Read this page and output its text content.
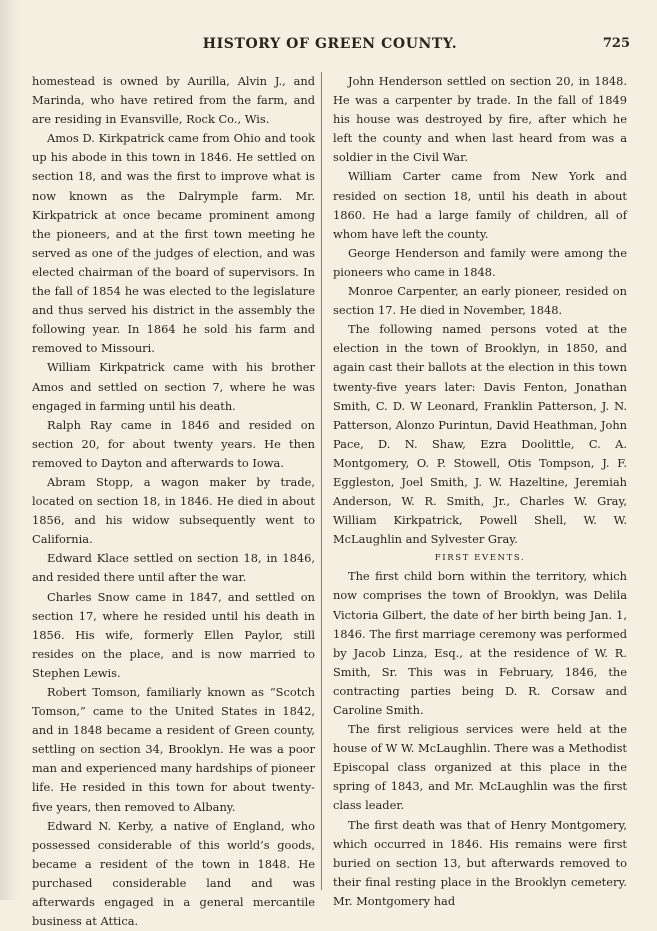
HISTORY OF GREEN COUNTY.	725

homestead is owned by Aurilla, Alvin J., and Marinda, who have retired from the farm, and are residing in Evansville, Rock Co., Wis.

Amos D. Kirkpatrick came from Ohio and took up his abode in this town in 1846. He settled on section 18, and was the first to improve what is now known as the Dalrymple farm. Mr. Kirkpatrick at once became prominent among the pioneers, and at the first town meeting he served as one of the judges of election, and was elected chairman of the board of supervisors. In the fall of 1854 he was elected to the legislature and thus served his district in the assembly the following year. In 1864 he sold his farm and removed to Missouri.

William Kirkpatrick came with his brother Amos and settled on section 7, where he was engaged in farming until his death.

Ralph Ray came in 1846 and resided on section 20, for about twenty years. He then removed to Dayton and afterwards to Iowa.

Abram Stopp, a wagon maker by trade, located on section 18, in 1846. He died in about 1856, and his widow subsequently went to California.

Edward Klace settled on section 18, in 1846, and resided there until after the war.

Charles Snow came in 1847, and settled on section 17, where he resided until his death in 1856. His wife, formerly Ellen Paylor, still resides on the place, and is now married to Stephen Lewis.

Robert Tomson, familiarly known as “Scotch Tomson,” came to the United States in 1842, and in 1848 became a resident of Green county, settling on section 34, Brooklyn. He was a poor man and experienced many hardships of pioneer life. He resided in this town for about twenty-five years, then removed to Albany.

Edward N. Kerby, a native of England, who possessed considerable of this world’s goods, became a resident of the town in 1848. He purchased considerable land and was afterwards engaged in a general mercantile business at Attica.

John Henderson settled on section 20, in 1848. He was a carpenter by trade. In the fall of 1849 his house was destroyed by fire, after which he left the county and when last heard from was a soldier in the Civil War.

William Carter came from New York and resided on section 18, until his death in about 1860. He had a large family of children, all of whom have left the county.

George Henderson and family were among the pioneers who came in 1848.

Monroe Carpenter, an early pioneer, resided on section 17. He died in November, 1848.

The following named persons voted at the election in the town of Brooklyn, in 1850, and again cast their ballots at the election in this town twenty-five years later: Davis Fenton, Jonathan Smith, C. D. W Leonard, Franklin Patterson, J. N. Patterson, Alonzo Purintun, David Heathman, John Pace, D. N. Shaw, Ezra Doolittle, C. A. Montgomery, O. P. Stowell, Otis Tompson, J. F. Eggleston, Joel Smith, J. W. Hazeltine, Jeremiah Anderson, W. R. Smith, Jr., Charles W. Gray, William Kirkpatrick, Powell Shell, W. W. McLaughlin and Sylvester Gray.

FIRST EVENTS.

The first child born within the territory, which now comprises the town of Brooklyn, was Delila Victoria Gilbert, the date of her birth being Jan. 1, 1846. The first marriage ceremony was performed by Jacob Linza, Esq., at the residence of W. R. Smith, Sr. This was in February, 1846, the contracting parties being D. R. Corsaw and Caroline Smith.

The first religious services were held at the house of W W. McLaughlin. There was a Methodist Episcopal class organized at this place in the spring of 1843, and Mr. McLaughlin was the first class leader.

The first death was that of Henry Montgomery, which occurred in 1846. His remains were first buried on section 13, but afterwards removed to their final resting place in the Brooklyn cemetery. Mr. Montgomery had
